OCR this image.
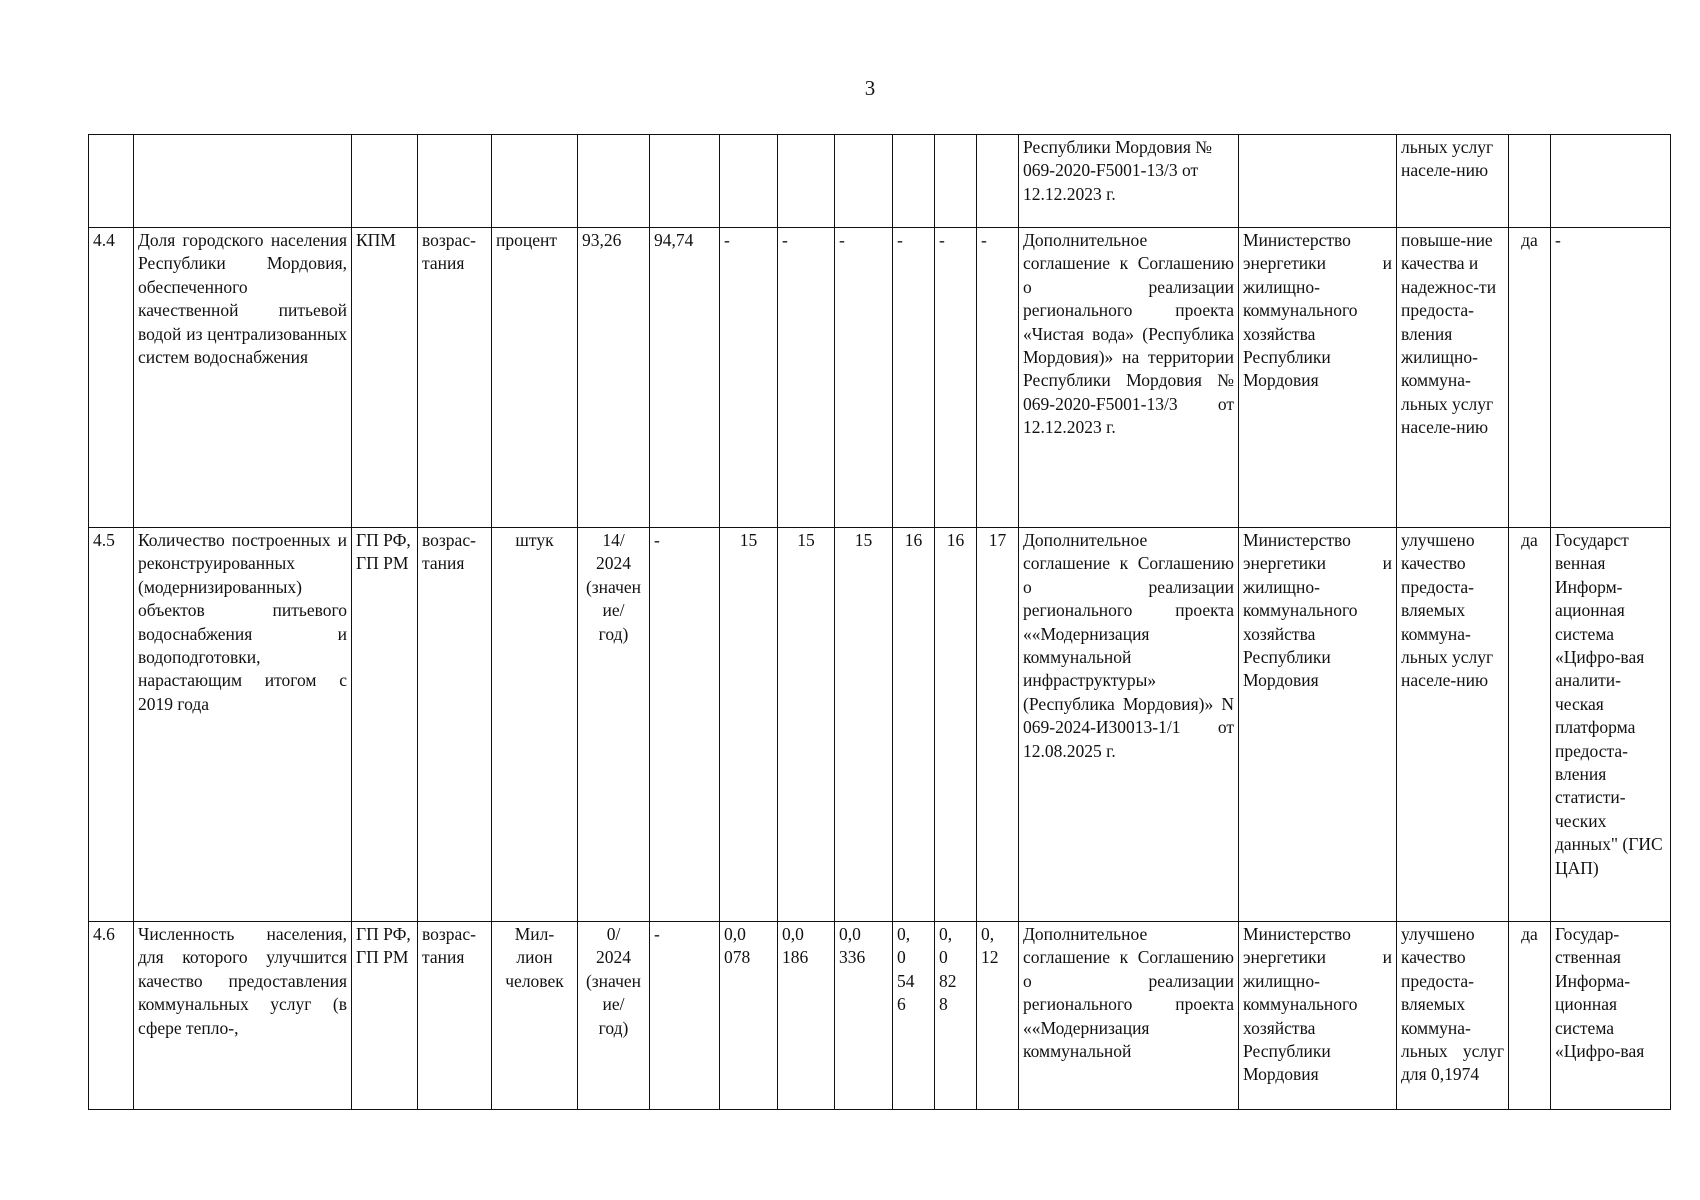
3
													Республики Мордовия № 069-2020-F5001-13/3 от 12.12.2023 г.		льных услуг населе-нию		
4.4	Доля городского населения Республики Мордовия, обеспеченного качественной питьевой водой из централизованных систем водоснабжения	КПМ	возрас-тания	процент	93,26	94,74	-	-	-	-	-	-	Дополнительное соглашение к Соглашению о реализации регионального проекта «Чистая вода» (Республика Мордовия)» на территории Республики Мордовия № 069-2020-F5001-13/3 от 12.12.2023 г.	Министерство энергетики и жилищно-коммунального хозяйства Республики Мордовия	повыше-ние качества и надежнос-ти предоста-вления жилищно-коммуна-льных услуг населе-нию	да	-
4.5	Количество построенных и реконструированных (модернизированных) объектов питьевого водоснабжения и водоподготовки, нарастающим итогом с 2019 года	ГП РФ,
ГП РМ	возрас-тания	штук	14/
2024
(значен
ие/
год)	-	15	15	15	16	16	17	Дополнительное соглашение к Соглашению о реализации регионального проекта ««Модернизация коммунальной инфраструктуры» (Республика Мордовия)» N 069-2024-И30013-1/1 от 12.08.2025 г.	Министерство энергетики и жилищно-коммунального хозяйства Республики Мордовия	улучшено качество предоста-вляемых коммуна-льных услуг населе-нию	да	Государст венная Информ-ационная система «Цифро-вая аналити-ческая платформа предоста-вления статисти-ческих данных" (ГИС ЦАП)
4.6	Численность населения, для которого улучшится качество предоставления коммунальных услуг (в сфере тепло-,	ГП РФ,
ГП РМ	возрас-тания	Мил-
лион
человек	0/
2024
(значен
ие/
год)	-	0,0
078	0,0
186	0,0
336	0,
0
54
6	0,
0
82
8	0,
12	Дополнительное соглашение к Соглашению о реализации регионального проекта ««Модернизация коммунальной	Министерство энергетики и жилищно-коммунального хозяйства Республики Мордовия	улучшено качество предоста-вляемых коммуна-льных услуг для 0,1974	да	Государ-ственная Информа-ционная система «Цифро-вая
